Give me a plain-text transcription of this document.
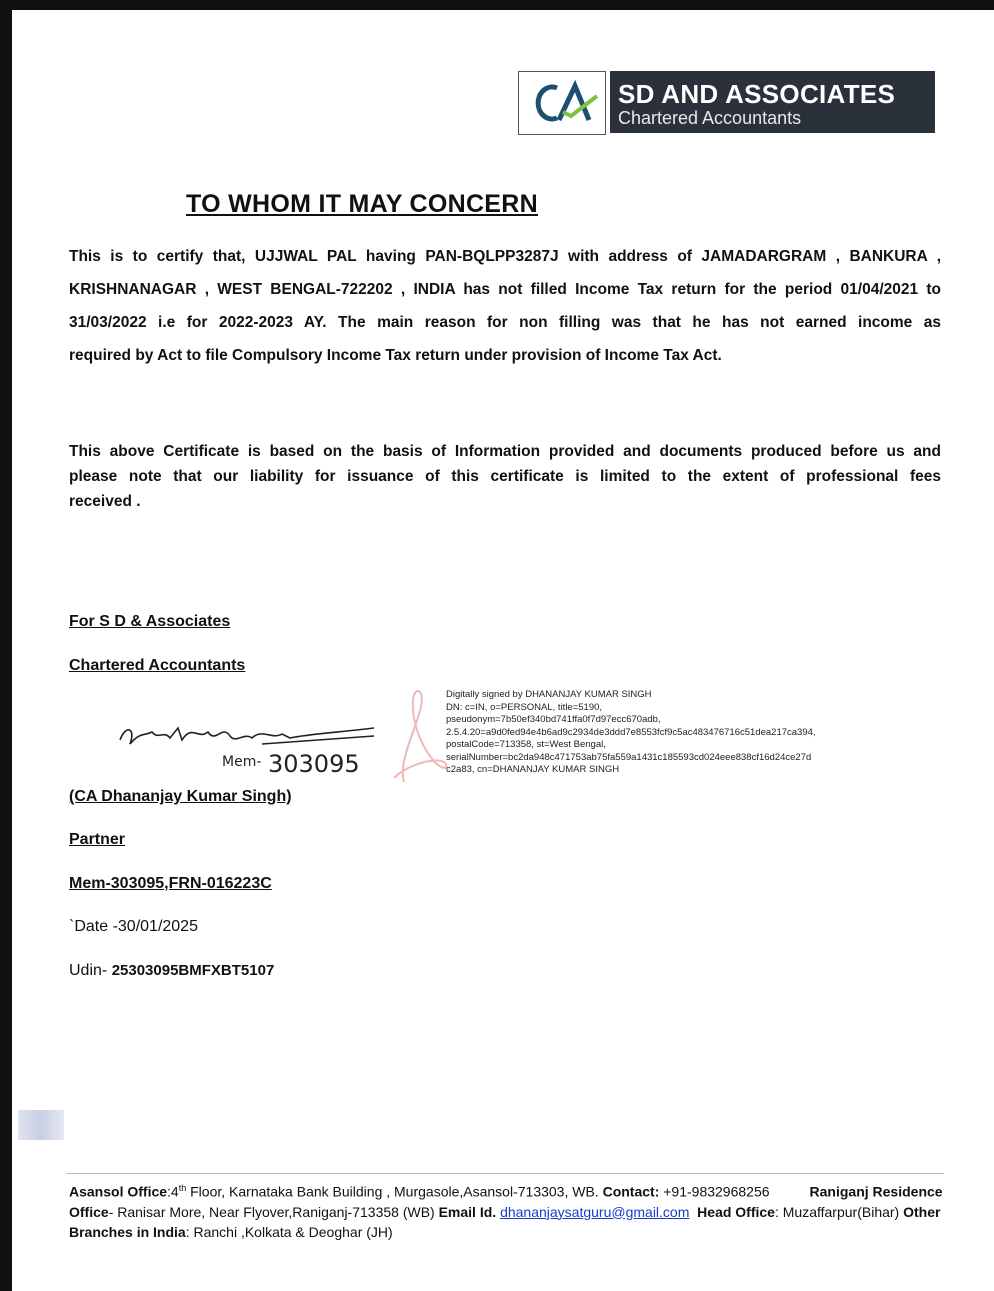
SD AND ASSOCIATES
Chartered Accountants
TO WHOM IT MAY CONCERN
This is to certify that, UJJWAL PAL having PAN-BQLPP3287J with address of JAMADARGRAM , BANKURA ,
KRISHNANAGAR , WEST BENGAL-722202 , INDIA has not filled Income Tax return for the period 01/04/2021 to
31/03/2022 i.e for 2022-2023 AY. The main reason for non filling was that he has not earned income as
required by Act to file Compulsory Income Tax return under provision of Income Tax Act.
This above Certificate is based on the basis of Information provided and documents produced before us and
please note that our liability for issuance of this certificate is limited to the extent of professional fees
received .
For S D & Associates
Chartered Accountants
Mem- 303095
Digitally signed by DHANANJAY KUMAR SINGH
DN: c=IN, o=PERSONAL, title=5190,
pseudonym=7b50ef340bd741ffa0f7d97ecc670adb,
2.5.4.20=a9d0fed94e4b6ad9c2934de3ddd7e8553fcf9c5ac483476716c51dea217ca394,
postalCode=713358, st=West Bengal,
serialNumber=bc2da948c471753ab75fa559a1431c185593cd024eee838cf16d24ce27d
c2a83, cn=DHANANJAY KUMAR SINGH
(CA Dhananjay Kumar Singh)
Partner
Mem-303095,FRN-016223C
`Date -30/01/2025
Udin- 25303095BMFXBT5107
Asansol Office:4th Floor, Karnataka Bank Building , Murgasole,Asansol-713303, WB. Contact: +91-9832968256	Raniganj Residence Office- Ranisar More, Near Flyover,Raniganj-713358 (WB) Email Id. dhananjaysatguru@gmail.com Head Office: Muzaffarpur(Bihar) Other Branches in India: Ranchi ,Kolkata & Deoghar (JH)
